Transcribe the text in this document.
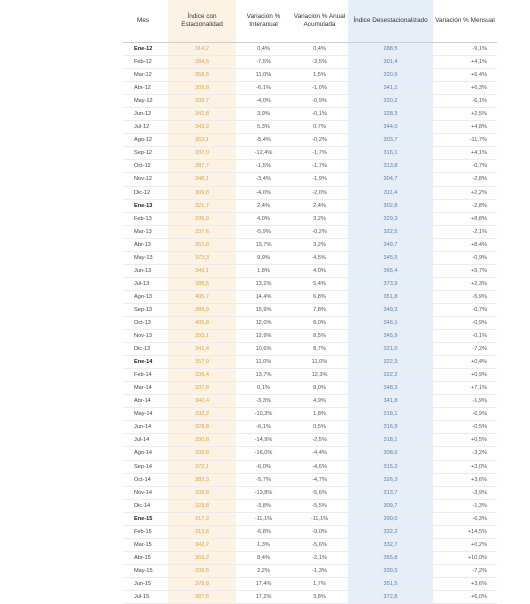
Mes	Índice con Estacionalidad	Variación % Interanual	Variación % Anual Acumulada	Índice Desestacionalizado	Variación % Mensual
Ene-12	314,2	0,4%	0,4%	288,5	-9,1%
Feb-12	284,5	-7,5%	-3,5%	301,4	+4,1%
Mar-12	358,5	11,0%	1,5%	320,9	+6,4%
Abr-12	309,8	-6,1%	-1,0%	341,1	+6,3%
May-12	339,7	-4,0%	-0,9%	320,2	-6,1%
Jun-12	342,8	3,9%	-0,1%	328,3	+2,5%
Jul-12	343,2	5,3%	0,7%	344,0	+4,8%
Ago-12	353,1	-5,4%	-0,2%	303,7	-11,7%
Sep-12	337,0	-12,4%	-1,7%	316,1	+4,1%
Oct-12	387,7	-1,5%	-1,7%	313,8	-0,7%
Nov-12	348,1	-3,4%	-1,9%	304,7	-2,8%
Dic-12	309,8	-4,0%	-2,0%	311,4	+2,2%
Ene-13	321,7	2,4%	2,4%	302,8	-2,8%
Feb-13	295,9	4,0%	3,2%	329,3	+8,8%
Mar-13	337,6	-5,9%	-0,2%	322,5	-2,1%
Abr-13	351,8	13,7%	3,2%	349,7	+8,4%
May-13	373,3	9,9%	4,5%	345,5	-0,9%
Jun-13	349,1	1,8%	4,0%	365,4	+5,7%
Jul-13	388,5	13,2%	5,4%	373,9	+2,3%
Ago-13	405,7	14,4%	6,8%	351,8	-5,9%
Sep-13	389,9	15,9%	7,8%	349,3	-0,7%
Oct-13	405,8	12,0%	8,0%	346,1	-0,9%
Nov-13	393,1	12,9%	8,5%	345,9	-0,1%
Dic-13	341,4	10,6%	8,7%	321,0	-7,2%
Ene-14	357,0	11,0%	11,0%	322,3	+0,4%
Feb-14	336,4	13,7%	12,3%	322,2	+0,9%
Mar-14	337,8	0,1%	8,0%	348,3	+7,1%
Abr-14	340,4	-3,3%	4,9%	341,8	-1,9%
May-14	332,2	-10,3%	1,8%	318,1	-6,9%
Jun-14	328,8	-6,1%	0,5%	316,9	-0,5%
Jul-14	330,8	-14,9%	-2,5%	318,1	+0,5%
Ago-14	336,8	-16,0%	-4,4%	308,0	-3,2%
Sep-14	372,1	-6,0%	-4,6%	315,2	+3,0%
Oct-14	382,3	-5,7%	-4,7%	326,3	+3,6%
Nov-14	338,8	-13,8%	-5,6%	313,7	-3,9%
Dic-14	328,8	-3,8%	-5,5%	309,7	-1,3%
Ene-15	317,2	-11,1%	-11,1%	290,0	-6,3%
Feb-15	313,6	-6,8%	-9,0%	332,2	+14,5%
Mar-15	342,2	1,3%	-5,6%	332,7	+0,2%
Abr-15	369,2	8,4%	-2,1%	365,8	+10,0%
May-15	339,5	2,2%	-1,3%	339,5	-7,2%
Jun-15	378,8	17,4%	1,7%	351,5	+3,6%
Jul-15	387,5	17,2%	3,8%	372,8	+6,0%
